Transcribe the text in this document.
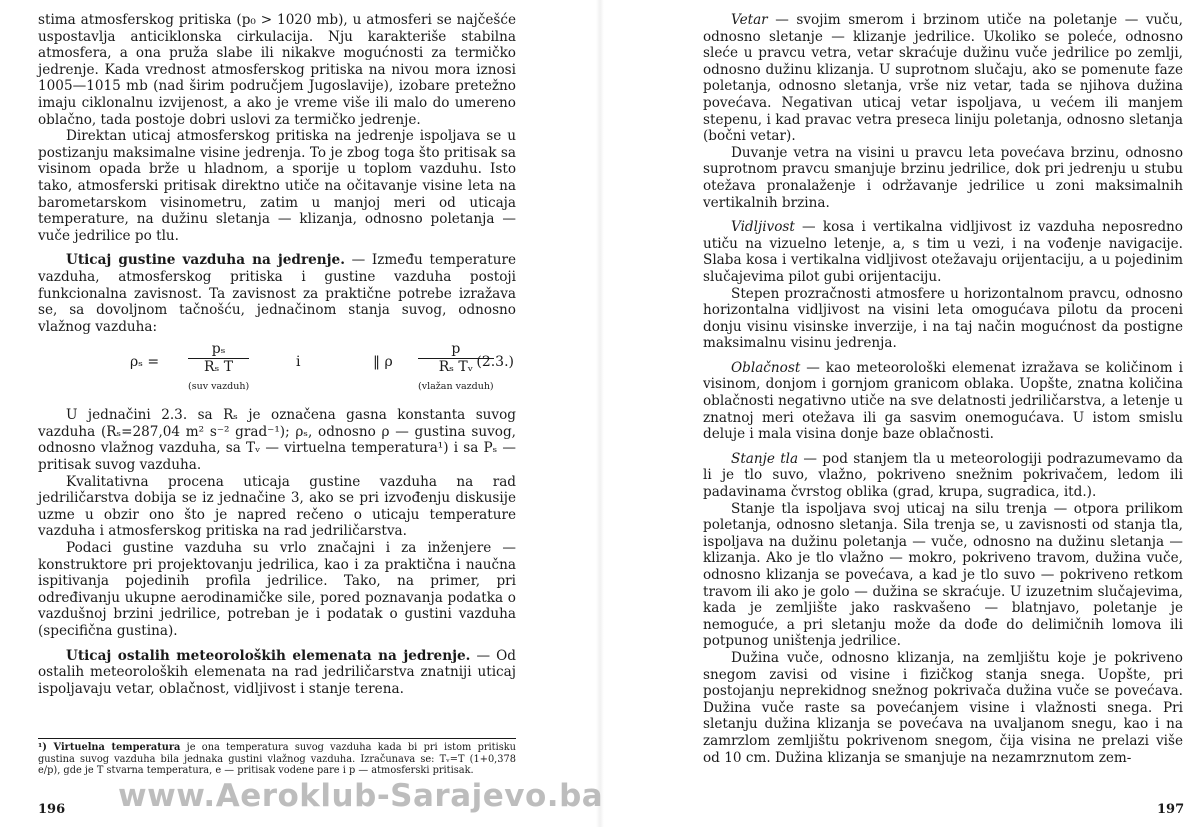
stima atmosferskog pritiska (p₀ > 1020 mb), u atmosferi se najčešće uspostavlja anticiklonska cirkulacija. Nju karakteriše stabilna atmosfera, a ona pruža slabe ili nikakve mogućnosti za termičko jedrenje. Kada vrednost atmosferskog pritiska na nivou mora iznosi 1005—1015 mb (nad širim područjem Jugoslavije), izobare pretežno imaju ciklonalnu izvijenost, a ako je vreme više ili malo do umereno oblačno, tada postoje dobri uslovi za termičko jedrenje.

Direktan uticaj atmosferskog pritiska na jedrenje ispoljava se u postizanju maksimalne visine jedrenja. To je zbog toga što pritisak sa visinom opada brže u hladnom, a sporije u toplom vazduhu. Isto tako, atmosferski pritisak direktno utiče na očitavanje visine leta na barometarskom visinometru, zatim u manjoj meri od uticaja temperature, na dužinu sletanja — klizanja, odnosno poletanja — vuče jedrilice po tlu.

Uticaj gustine vazduha na jedrenje. — Između temperature vazduha, atmosferskog pritiska i gustine vazduha postoji funkcionalna zavisnost. Ta zavisnost za praktične potrebe izražava se, sa dovoljnom tačnošću, jednačinom stanja suvog, odnosno vlažnog vazduha:

ρₛ =
pₛ
Rₛ T
(suv vazduh)
i	‖ ρ
p
Rₛ Tᵥ
(vlažan vazduh)
(2.3.)

U jednačini 2.3. sa Rₛ je označena gasna konstanta suvog vazduha (Rₛ=287,04 m² s⁻² grad⁻¹); ρₛ, odnosno ρ — gustina suvog, odnosno vlažnog vazduha, sa Tᵥ — virtuelna temperatura¹) i sa Pₛ — pritisak suvog vazduha.

Kvalitativna procena uticaja gustine vazduha na rad jedriličarstva dobija se iz jednačine 3, ako se pri izvođenju diskusije uzme u obzir ono što je napred rečeno o uticaju temperature vazduha i atmosferskog pritiska na rad jedriličarstva.

Podaci gustine vazduha su vrlo značajni i za inženjere — konstruktore pri projektovanju jedrilica, kao i za praktična i naučna ispitivanja pojedinih profila jedrilice. Tako, na primer, pri određivanju ukupne aerodinamičke sile, pored poznavanja podatka o vazdušnoj brzini jedrilice, potreban je i podatak o gustini vazduha (specifična gustina).

Uticaj ostalih meteoroloških elemenata na jedrenje. — Od ostalih meteoroloških elemenata na rad jedriličarstva znatniji uticaj ispoljavaju vetar, oblačnost, vidljivost i stanje terena.

¹) Virtuelna temperatura je ona temperatura suvog vazduha kada bi pri istom pritisku gustina suvog vazduha bila jednaka gustini vlažnog vazduha. Izračunava se: Tᵥ=T (1+0,378 e/p), gde je T stvarna temperatura, e — pritisak vodene pare i p — atmosferski pritisak.
196

Vetar — svojim smerom i brzinom utiče na poletanje — vuču, odnosno sletanje — klizanje jedrilice. Ukoliko se poleće, odnosno sleće u pravcu vetra, vetar skraćuje dužinu vuče jedrilice po zemlji, odnosno dužinu klizanja. U suprotnom slučaju, ako se pomenute faze poletanja, odnosno sletanja, vrše niz vetar, tada se njihova dužina povećava. Negativan uticaj vetar ispoljava, u većem ili manjem stepenu, i kad pravac vetra preseca liniju poletanja, odnosno sletanja (bočni vetar).

Duvanje vetra na visini u pravcu leta povećava brzinu, odnosno suprotnom pravcu smanjuje brzinu jedrilice, dok pri jedrenju u stubu otežava pronalaženje i održavanje jedrilice u zoni maksimalnih vertikalnih brzina.

Vidljivost — kosa i vertikalna vidljivost iz vazduha neposredno utiču na vizuelno letenje, a, s tim u vezi, i na vođenje navigacije. Slaba kosa i vertikalna vidljivost otežavaju orijentaciju, a u pojedinim slučajevima pilot gubi orijentaciju.

Stepen prozračnosti atmosfere u horizontalnom pravcu, odnosno horizontalna vidljivost na visini leta omogućava pilotu da proceni donju visinu visinske inverzije, i na taj način mogućnost da postigne maksimalnu visinu jedrenja.

Oblačnost — kao meteorološki elemenat izražava se količinom i visinom, donjom i gornjom granicom oblaka. Uopšte, znatna količina oblačnosti negativno utiče na sve delatnosti jedriličarstva, a letenje u znatnoj meri otežava ili ga sasvim onemogućava. U istom smislu deluje i mala visina donje baze oblačnosti.

Stanje tla — pod stanjem tla u meteorologiji podrazumevamo da li je tlo suvo, vlažno, pokriveno snežnim pokrivačem, ledom ili padavinama čvrstog oblika (grad, krupa, sugradica, itd.).

Stanje tla ispoljava svoj uticaj na silu trenja — otpora prilikom poletanja, odnosno sletanja. Sila trenja se, u zavisnosti od stanja tla, ispoljava na dužinu poletanja — vuče, odnosno na dužinu sletanja — klizanja. Ako je tlo vlažno — mokro, pokriveno travom, dužina vuče, odnosno klizanja se povećava, a kad je tlo suvo — pokriveno retkom travom ili ako je golo — dužina se skraćuje. U izuzetnim slučajevima, kada je zemljište jako raskvašeno — blatnjavo, poletanje je nemoguće, a pri sletanju može da dođe do delimičnih lomova ili potpunog uništenja jedrilice.

Dužina vuče, odnosno klizanja, na zemljištu koje je pokriveno snegom zavisi od visine i fizičkog stanja snega. Uopšte, pri postojanju neprekidnog snežnog pokrivača dužina vuče se povećava. Dužina vuče raste sa povećanjem visine i vlažnosti snega. Pri sletanju dužina klizanja se povećava na uvaljanom snegu, kao i na zamrzlom zemljištu pokrivenom snegom, čija visina ne prelazi više od 10 cm. Dužina klizanja se smanjuje na nezamrznutom zem-

197
www.Aeroklub-Sarajevo.ba
